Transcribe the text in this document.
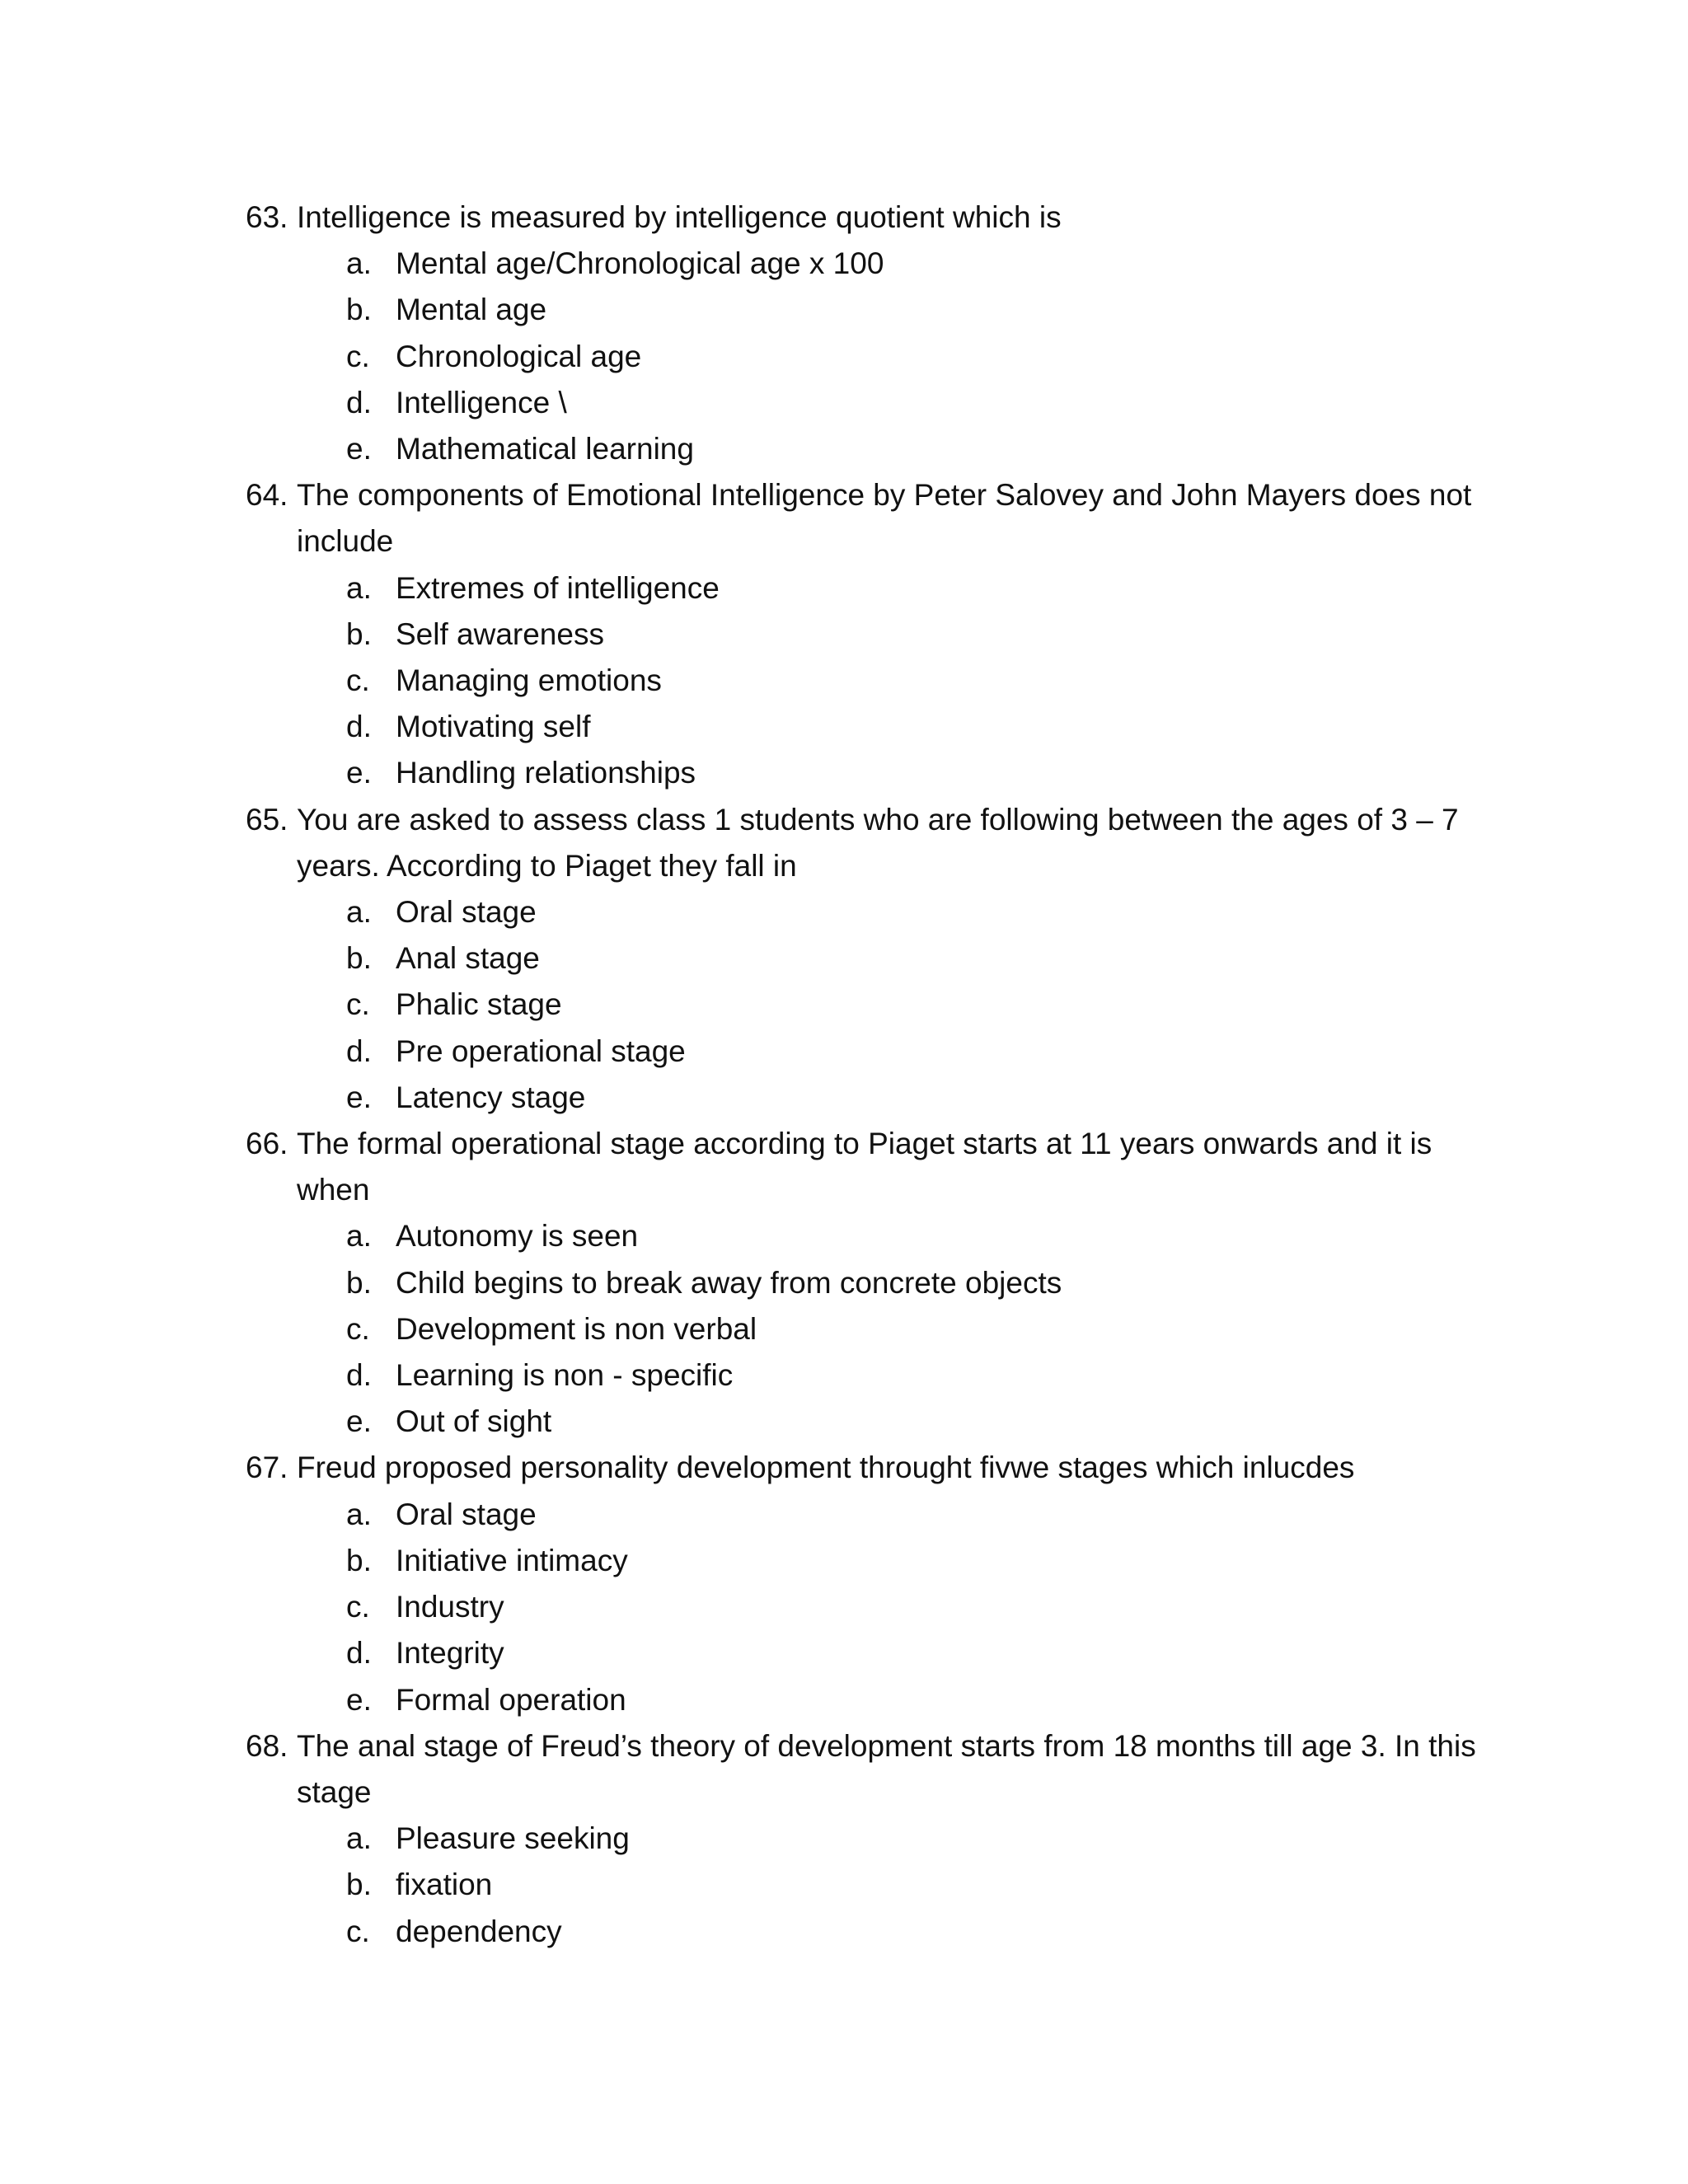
63. Intelligence is measured by intelligence quotient which is
a. Mental age/Chronological age x 100
b. Mental age
c. Chronological age
d. Intelligence \
e. Mathematical learning
64. The components of Emotional Intelligence by Peter Salovey and John Mayers does not include
a. Extremes of intelligence
b. Self awareness
c. Managing emotions
d. Motivating self
e. Handling relationships
65. You are asked to assess class 1 students who are following between the ages of 3 – 7 years. According to Piaget they fall in
a. Oral stage
b. Anal stage
c. Phalic stage
d. Pre operational stage
e. Latency stage
66. The formal operational stage according to Piaget starts at 11 years onwards and it is when
a. Autonomy is seen
b. Child begins to break away from concrete objects
c. Development is non verbal
d. Learning is non - specific
e. Out of sight
67. Freud proposed personality development throught fivwe stages which inlucdes
a. Oral stage
b. Initiative intimacy
c. Industry
d. Integrity
e. Formal operation
68. The anal stage of Freud’s theory of development starts from 18 months till age 3. In this stage
a. Pleasure seeking
b. fixation
c. dependency
